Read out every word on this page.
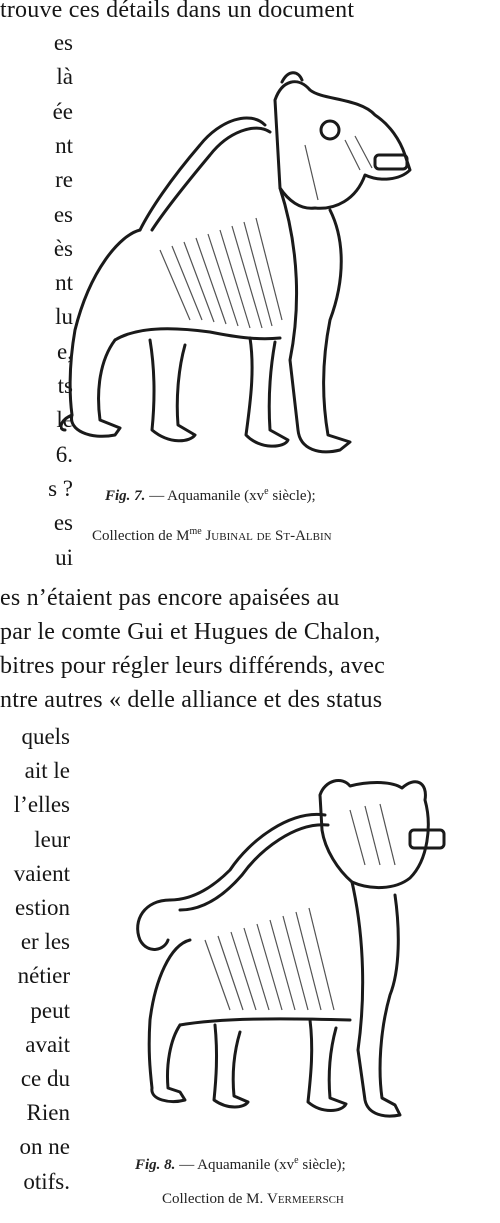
trouve ces détails dans un document
es
là
ée
nt
re
es
ès
nt
lu
e,
ts
le
6.
s ?
es
ui
Fig. 7. — Aquamanile ($xv^e$ siècle);
Collection de $M^{me}$ Jubinal de St-Albin
es n’étaient pas encore apaisées au
par le comte Gui et Hugues de Chalon,
bitres pour régler leurs différends, avec
ntre autres « delle alliance et des status
quels
ait le
l’elles
leur
vaient
estion
er les
nétier
peut
avait
ce du
Rien
on ne
otifs.
Fig. 8. — Aquamanile ($xv^e$ siècle);
Collection de M. Vermeersch
